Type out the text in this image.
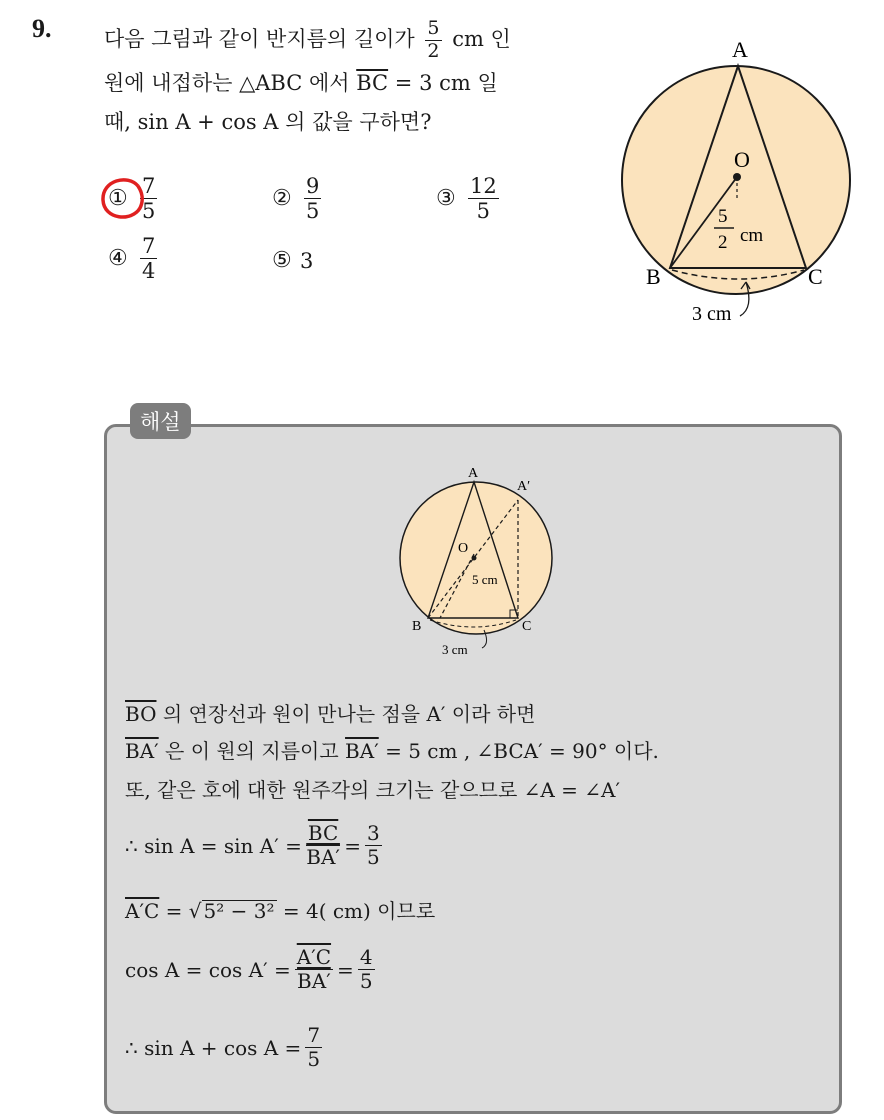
9.	다음 그림과 같이 반지름의 길이가 $\frac{5}{2}$ cm 인
원에 내접하는 △ABC 에서 $\overline{BC} = 3$ cm 일
때, sin A + cos A 의 값을 구하면?
① $\frac{7}{5}$	② $\frac{9}{5}$	③ $\frac{12}{5}$
④ $\frac{7}{4}$	⑤ 3
A
O
B	C
5
2 cm
3 cm
해설
A
A′
O
B	C
5 cm
3 cm
$\overline{BO}$
의 연장선과 원이 만나는 점을 A′ 이라 하면
BA′
은 이 원의 지름이고
BA′
= 5 cm , ∠BCA′ = 90° 이다.
또, 같은 호에 대한 원주각의 크기는 같으므로 ∠A = ∠A′
∴ $\sin A = \sin A' = \frac{\overline{BC}}{BA'} = \frac{3}{5}$
A′C
=
√ 5² − 3²
= 4( cm) 이므로
$\cos A = \cos A' = \frac{A'C}{BA'} = \frac{4}{5}$
∴ $\sin A + \cos A = \frac{7}{5}$
